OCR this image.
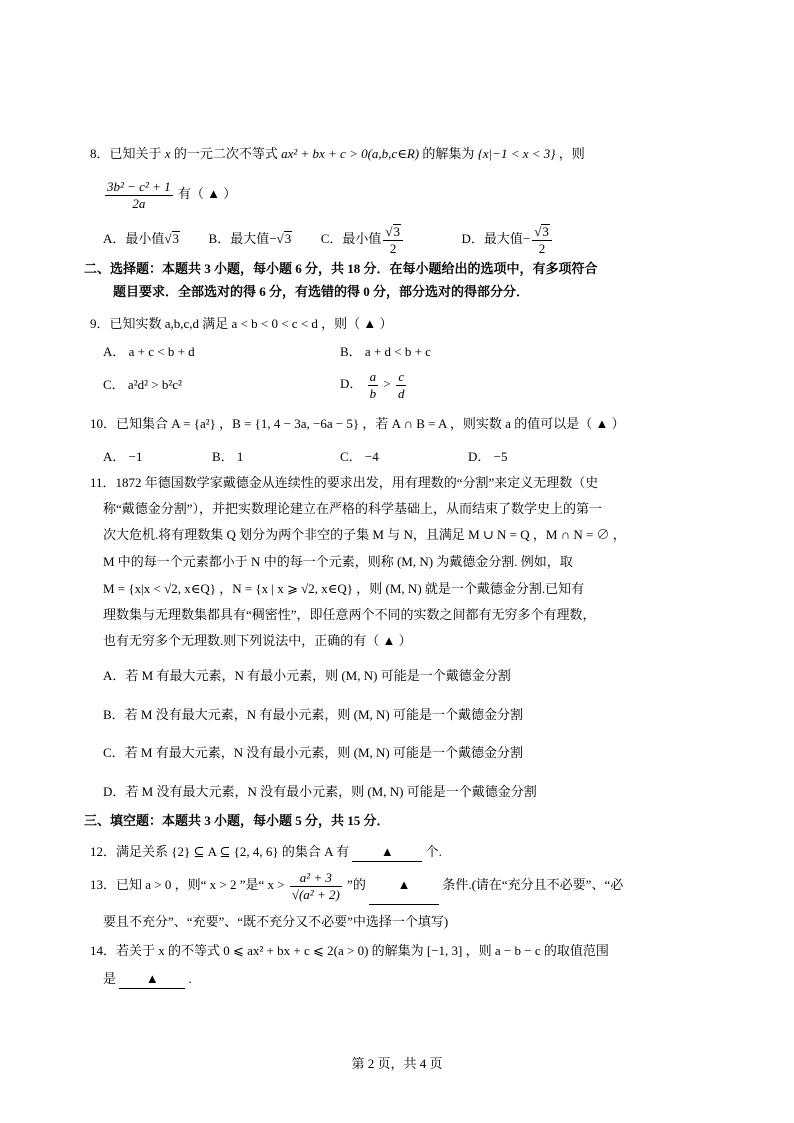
8．已知关于 x 的一元二次不等式 ax² + bx + c > 0(a,b,c∈R) 的解集为 {x|−1 < x < 3} ，则
$\frac{\text{3b² − c² + 1}}{2a}$ 有（ ▲ ）
A．最小值√3 B．最大值−√3 C．最小值 $\frac{√3}{2}$	D．最大值− $\frac{√3}{2}$
二、选择题：本题共 3 小题，每小题 6 分，共 18 分．在每小题给出的选项中，有多项符合
题目要求．全部选对的得 6 分，有选错的得 0 分，部分选对的得部分分．
9．已知实数 a,b,c,d 满足 a < b < 0 < c < d ，则（ ▲ ）
A． a + c < b + d	B． a + d < b + c
C． a²d² > b²c²	D． $\frac{a}{b} > \frac{c}{d}$
10．已知集合 A = {a²} ，B = {1, 4 − 3a, −6a − 5} ，若 A ∩ B = A ，则实数 a 的值可以是（ ▲ ）
A． −1	B． 1	C． −4	D． −5
11．1872 年德国数学家戴德金从连续性的要求出发，用有理数的“分割”来定义无理数（史
称“戴德金分割”），并把实数理论建立在严格的科学基础上，从而结束了数学史上的第一
次大危机.将有理数集 Q 划分为两个非空的子集 M 与 N，且满足 M ∪ N = Q ，M ∩ N = ∅ ，
M 中的每一个元素都小于 N 中的每一个元素，则称 (M, N) 为戴德金分割. 例如，取
M = {x|x < √2, x∈Q} ，N = {x | x ⩾ √2, x∈Q} ，则 (M, N) 就是一个戴德金分割.已知有
理数集与无理数集都具有“稠密性”，即任意两个不同的实数之间都有无穷多个有理数，
也有无穷多个无理数.则下列说法中，正确的有（ ▲ ）
A．若 M 有最大元素，N 有最小元素，则 (M, N) 可能是一个戴德金分割
B．若 M 没有最大元素，N 有最小元素，则 (M, N) 可能是一个戴德金分割
C．若 M 有最大元素，N 没有最小元素，则 (M, N) 可能是一个戴德金分割
D．若 M 没有最大元素，N 没有最小元素，则 (M, N) 可能是一个戴德金分割
三、填空题：本题共 3 小题，每小题 5 分，共 15 分．
12．满足关系 {2} ⊆ A ⊆ {2, 4, 6} 的集合 A 有 ▲ 个.
13．已知 a > 0 ，则“ x > 2 ”是“ $x > \frac{\text{a² + 3}}{\text{√(a² + 2)}}$ ”的 ▲ 条件.(请在“充分且不必要”、“必
要且不充分”、“充要”、“既不充分又不必要”中选择一个填写)
14．若关于 x 的不等式 0 ⩽ ax² + bx + c ⩽ 2(a > 0) 的解集为 [−1, 3] ，则 a − b − c 的取值范围
是 ▲ .
第 2 页，共 4 页
